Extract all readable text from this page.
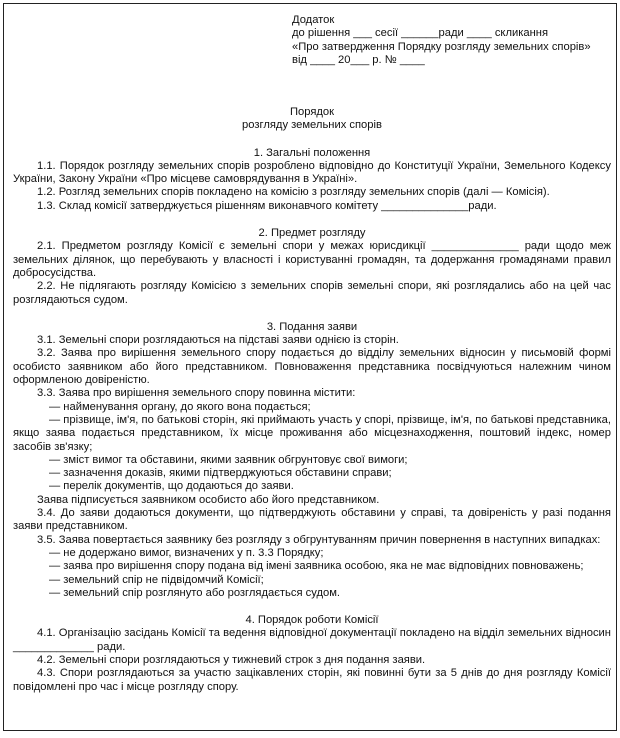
Додаток
до рішення ___ сесії ______ради ____ скликання
«Про затвердження Порядку розгляду земельних спорів»
від ____ 20___ р. № ____
Порядок
розгляду земельних спорів
1. Загальні положення

1.1. Порядок розгляду земельних спорів розроблено відповідно до Конституції України, Земельного Кодексу України, Закону України «Про місцеве самоврядування в Україні».

1.2. Розгляд земельних спорів покладено на комісію з розгляду земельних спорів (далі — Комісія).

1.3. Склад комісії затверджується рішенням виконавчого комітету ______________ради.

2. Предмет розгляду

2.1. Предметом розгляду Комісії є земельні спори у межах юрисдикції ______________ ради щодо меж земельних ділянок, що перебувають у власності і користуванні громадян, та додержання громадянами правил добросусідства.

2.2. Не підлягають розгляду Комісією з земельних спорів земельні спори, які розглядались або на цей час розглядаються судом.

3. Подання заяви

3.1. Земельні спори розглядаються на підставі заяви однією із сторін.

3.2. Заява про вирішення земельного спору подається до відділу земельних відносин у письмовій формі особисто заявником або його представником. Повноваження представника посвідчуються належним чином оформленою довіреністю.

3.3. Заява про вирішення земельного спору повинна містити:

— найменування органу, до якого вона подається;

— прізвище, ім'я, по батькові сторін, які приймають участь у спорі, прізвище, ім'я, по батькові представника, якщо заява подається представником, їх місце проживання або місцезнаходження, поштовий індекс, номер засобів зв'язку;

— зміст вимог та обставини, якими заявник обгрунтовує свої вимоги;

— зазначення доказів, якими підтверджуються обставини справи;

— перелік документів, що додаються до заяви.

Заява підписується заявником особисто або його представником.

3.4. До заяви додаються документи, що підтверджують обставини у справі, та довіреність у разі подання заяви представником.

3.5. Заява повертається заявнику без розгляду з обгрунтуванням причин повернення в наступних випадках:

— не додержано вимог, визначених у п. 3.3 Порядку;

— заява про вирішення спору подана від імені заявника особою, яка не має відповідних повноважень;

— земельний спір не підвідомчий Комісії;

— земельний спір розглянуто або розглядається судом.

4. Порядок роботи Комісії

4.1. Організацію засідань Комісії та ведення відповідної документації покладено на відділ земельних відносин _____________ ради.

4.2. Земельні спори розглядаються у тижневий строк з дня подання заяви.

4.3. Спори розглядаються за участю зацікавлених сторін, які повинні бути за 5 днів до дня розгляду Комісії повідомлені про час і місце розгляду спору.
